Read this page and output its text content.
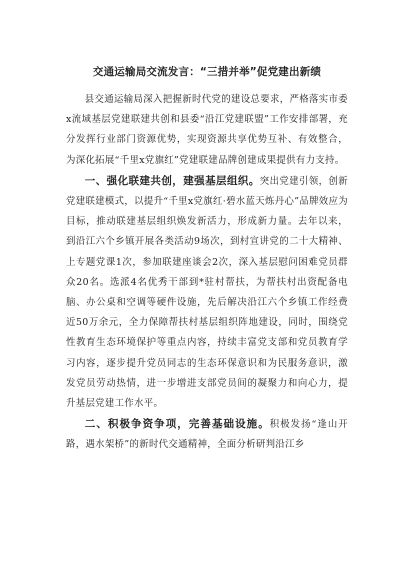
交通运输局交流发言：“三措并举”促党建出新绩

县交通运输局深入把握新时代党的建设总要求，严格落实市委x流域基层党建联建共创和县委“沿江党建联盟”工作安排部署，充分发挥行业部门资源优势，实现资源共享优势互补、有效整合，为深化拓展“千里x党旗红”党建联建品牌创建成果提供有力支持。

一、强化联建共创，建强基层组织。突出党建引领，创新党建联建模式，以提升“千里x党旗红·碧水蓝天炼丹心”品牌效应为目标，推动联建基层组织焕发新活力，形成新力量。去年以来，到沿江六个乡镇开展各类活动9场次，到村宣讲党的二十大精神、上专题党课1次，参加联建座谈会2次，深入基层慰问困难党员群众20名。选派4名优秀干部到*驻村帮扶，为帮扶村出资配备电脑、办公桌和空调等硬件设施，先后解决沿江六个乡镇工作经费近50万余元，全力保障帮扶村基层组织阵地建设，同时，围绕党性教育生态环境保护等重点内容，持续丰富党支部和党员教育学习内容，逐步提升党员同志的生态环保意识和为民服务意识，激发党员劳动热情，进一步增进支部党员间的凝聚力和向心力，提升基层党建工作水平。

二、积极争资争项，完善基础设施。积极发扬“逢山开路，遇水架桥”的新时代交通精神，全面分析研判沿江乡
